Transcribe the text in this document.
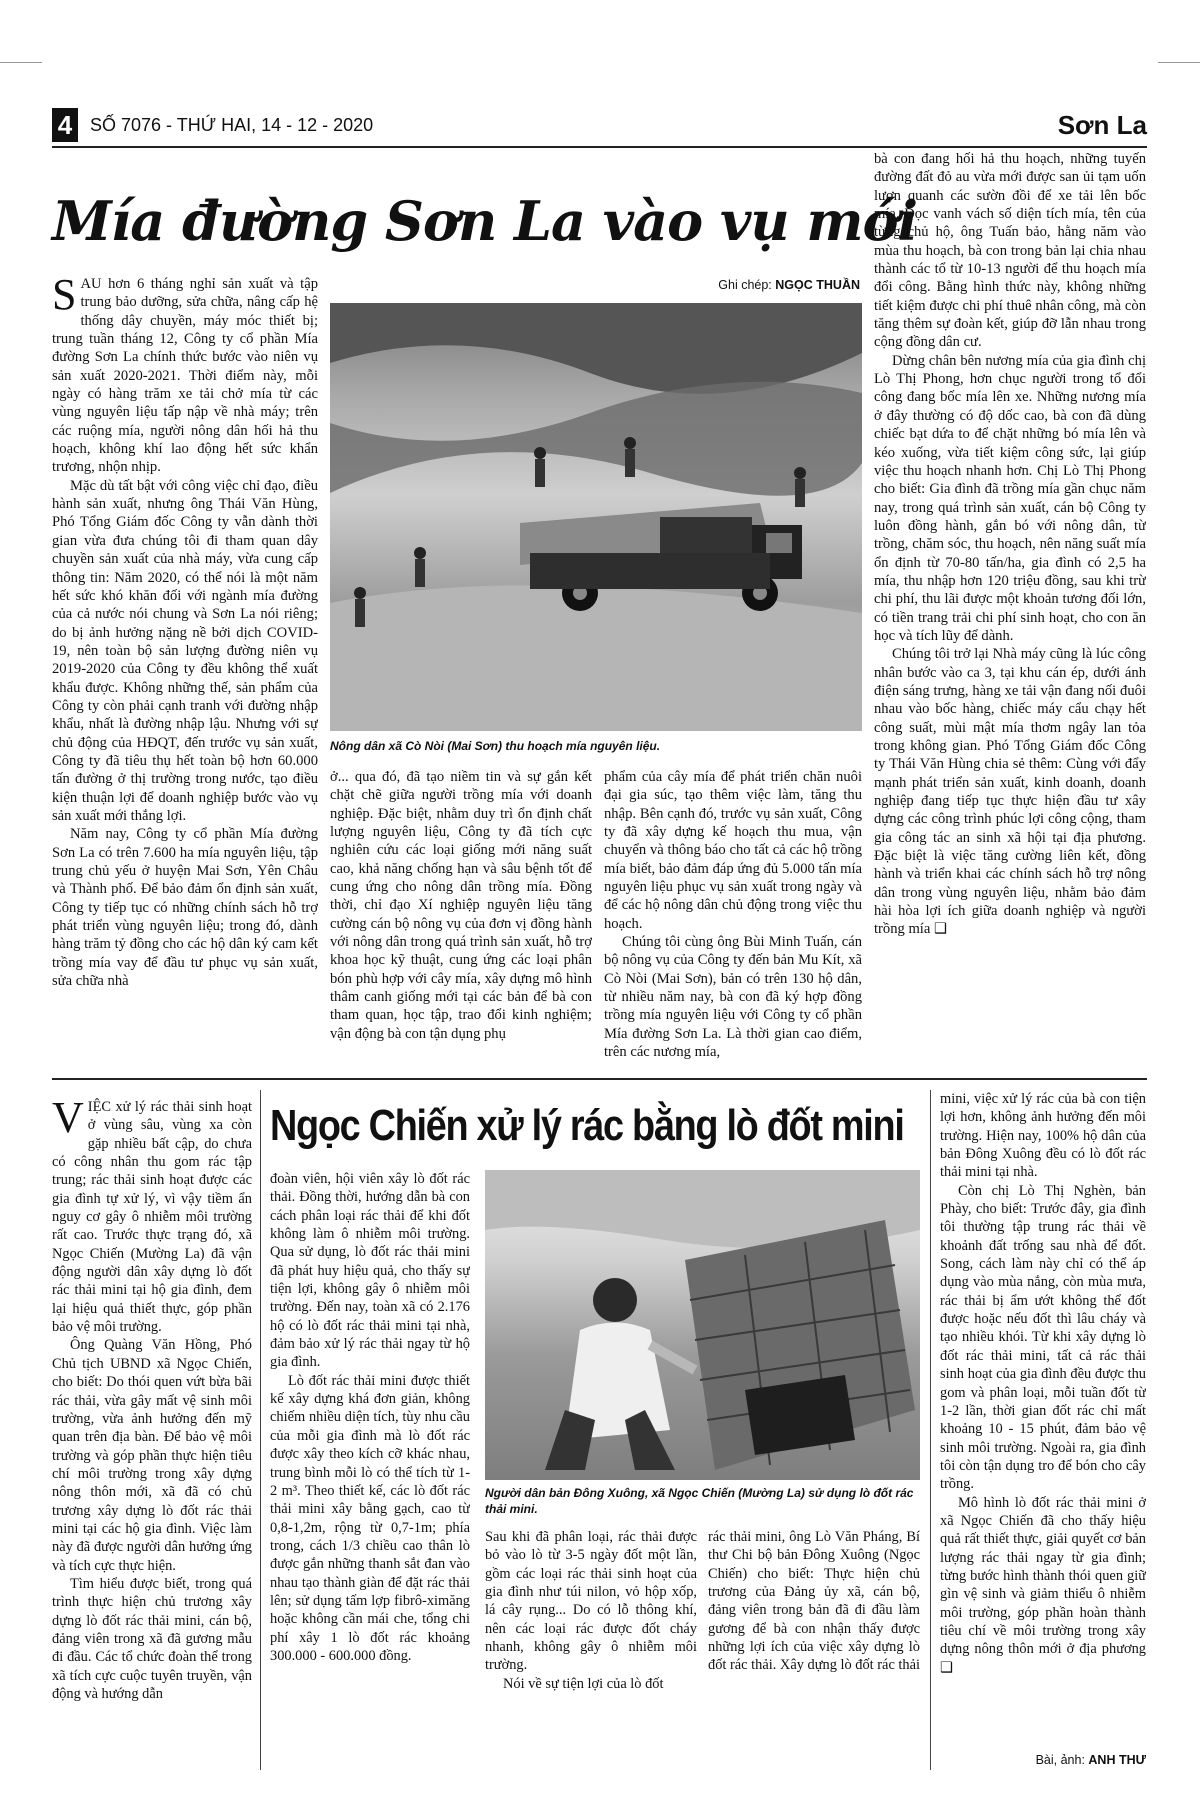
4 SỐ 7076 - THỨ HAI, 14 - 12 - 2020	Sơn La
Mía đường Sơn La vào vụ mới
Ghi chép: NGỌC THUẦN

SAU hơn 6 tháng nghỉ sản xuất và tập trung bảo dưỡng, sửa chữa, nâng cấp hệ thống dây chuyền, máy móc thiết bị; trung tuần tháng 12, Công ty cổ phần Mía đường Sơn La chính thức bước vào niên vụ sản xuất 2020-2021. Thời điểm này, mỗi ngày có hàng trăm xe tải chở mía từ các vùng nguyên liệu tấp nập về nhà máy; trên các ruộng mía, người nông dân hối hả thu hoạch, không khí lao động hết sức khẩn trương, nhộn nhịp.

Mặc dù tất bật với công việc chỉ đạo, điều hành sản xuất, nhưng ông Thái Văn Hùng, Phó Tổng Giám đốc Công ty vẫn dành thời gian vừa đưa chúng tôi đi tham quan dây chuyền sản xuất của nhà máy, vừa cung cấp thông tin: Năm 2020, có thể nói là một năm hết sức khó khăn đối với ngành mía đường của cả nước nói chung và Sơn La nói riêng; do bị ảnh hưởng nặng nề bởi dịch COVID-19, nên toàn bộ sản lượng đường niên vụ 2019-2020 của Công ty đều không thể xuất khẩu được. Không những thế, sản phẩm của Công ty còn phải cạnh tranh với đường nhập khẩu, nhất là đường nhập lậu. Nhưng với sự chủ động của HĐQT, đến trước vụ sản xuất, Công ty đã tiêu thụ hết toàn bộ hơn 60.000 tấn đường ở thị trường trong nước, tạo điều kiện thuận lợi để doanh nghiệp bước vào vụ sản xuất mới thắng lợi.

Năm nay, Công ty cổ phần Mía đường Sơn La có trên 7.600 ha mía nguyên liệu, tập trung chủ yếu ở huyện Mai Sơn, Yên Châu và Thành phố. Để bảo đảm ổn định sản xuất, Công ty tiếp tục có những chính sách hỗ trợ phát triển vùng nguyên liệu; trong đó, dành hàng trăm tỷ đồng cho các hộ dân ký cam kết trồng mía vay để đầu tư phục vụ sản xuất, sửa chữa nhà

Nông dân xã Cò Nòi (Mai Sơn) thu hoạch mía nguyên liệu.

ở... qua đó, đã tạo niềm tin và sự gắn kết chặt chẽ giữa người trồng mía với doanh nghiệp. Đặc biệt, nhằm duy trì ổn định chất lượng nguyên liệu, Công ty đã tích cực nghiên cứu các loại giống mới năng suất cao, khả năng chống hạn và sâu bệnh tốt để cung ứng cho nông dân trồng mía. Đồng thời, chỉ đạo Xí nghiệp nguyên liệu tăng cường cán bộ nông vụ của đơn vị đồng hành với nông dân trong quá trình sản xuất, hỗ trợ khoa học kỹ thuật, cung ứng các loại phân bón phù hợp với cây mía, xây dựng mô hình thâm canh giống mới tại các bản để bà con tham quan, học tập, trao đổi kinh nghiệm; vận động bà con tận dụng phụ

phẩm của cây mía để phát triển chăn nuôi đại gia súc, tạo thêm việc làm, tăng thu nhập. Bên cạnh đó, trước vụ sản xuất, Công ty đã xây dựng kế hoạch thu mua, vận chuyển và thông báo cho tất cả các hộ trồng mía biết, bảo đảm đáp ứng đủ 5.000 tấn mía nguyên liệu phục vụ sản xuất trong ngày và để các hộ nông dân chủ động trong việc thu hoạch.

Chúng tôi cùng ông Bùi Minh Tuấn, cán bộ nông vụ của Công ty đến bản Mu Kít, xã Cò Nòi (Mai Sơn), bản có trên 130 hộ dân, từ nhiều năm nay, bà con đã ký hợp đồng trồng mía nguyên liệu với Công ty cổ phần Mía đường Sơn La. Là thời gian cao điểm, trên các nương mía,

bà con đang hối hả thu hoạch, những tuyến đường đất đỏ au vừa mới được san ủi tạm uốn lượn quanh các sườn đồi để xe tải lên bốc mía. Đọc vanh vách số diện tích mía, tên của từng chủ hộ, ông Tuấn bảo, hằng năm vào mùa thu hoạch, bà con trong bản lại chia nhau thành các tổ từ 10-13 người để thu hoạch mía đổi công. Bằng hình thức này, không những tiết kiệm được chi phí thuê nhân công, mà còn tăng thêm sự đoàn kết, giúp đỡ lẫn nhau trong cộng đồng dân cư.

Dừng chân bên nương mía của gia đình chị Lò Thị Phong, hơn chục người trong tổ đổi công đang bốc mía lên xe. Những nương mía ở đây thường có độ dốc cao, bà con đã dùng chiếc bạt dứa to để chặt những bó mía lên và kéo xuống, vừa tiết kiệm công sức, lại giúp việc thu hoạch nhanh hơn. Chị Lò Thị Phong cho biết: Gia đình đã trồng mía gần chục năm nay, trong quá trình sản xuất, cán bộ Công ty luôn đồng hành, gắn bó với nông dân, từ trồng, chăm sóc, thu hoạch, nên năng suất mía ổn định từ 70-80 tấn/ha, gia đình có 2,5 ha mía, thu nhập hơn 120 triệu đồng, sau khi trừ chi phí, thu lãi được một khoản tương đối lớn, có tiền trang trải chi phí sinh hoạt, cho con ăn học và tích lũy để dành.

Chúng tôi trở lại Nhà máy cũng là lúc công nhân bước vào ca 3, tại khu cán ép, dưới ánh điện sáng trưng, hàng xe tải vận đang nối đuôi nhau vào bốc hàng, chiếc máy cẩu chạy hết công suất, mùi mật mía thơm ngây lan tỏa trong không gian. Phó Tổng Giám đốc Công ty Thái Văn Hùng chia sẻ thêm: Cùng với đẩy mạnh phát triển sản xuất, kinh doanh, doanh nghiệp đang tiếp tục thực hiện đầu tư xây dựng các công trình phúc lợi công cộng, tham gia công tác an sinh xã hội tại địa phương. Đặc biệt là việc tăng cường liên kết, đồng hành và triển khai các chính sách hỗ trợ nông dân trong vùng nguyên liệu, nhằm bảo đảm hài hòa lợi ích giữa doanh nghiệp và người trồng mía ❑

Ngọc Chiến xử lý rác bằng lò đốt mini

VIỆC xử lý rác thải sinh hoạt ở vùng sâu, vùng xa còn gặp nhiều bất cập, do chưa có công nhân thu gom rác tập trung; rác thải sinh hoạt được các gia đình tự xử lý, vì vậy tiềm ẩn nguy cơ gây ô nhiễm môi trường rất cao. Trước thực trạng đó, xã Ngọc Chiến (Mường La) đã vận động người dân xây dựng lò đốt rác thải mini tại hộ gia đình, đem lại hiệu quả thiết thực, góp phần bảo vệ môi trường.

Ông Quàng Văn Hồng, Phó Chủ tịch UBND xã Ngọc Chiến, cho biết: Do thói quen vứt bừa bãi rác thải, vừa gây mất vệ sinh môi trường, vừa ảnh hưởng đến mỹ quan trên địa bàn. Để bảo vệ môi trường và góp phần thực hiện tiêu chí môi trường trong xây dựng nông thôn mới, xã đã có chủ trương xây dựng lò đốt rác thải mini tại các hộ gia đình. Việc làm này đã được người dân hưởng ứng và tích cực thực hiện.

Tìm hiểu được biết, trong quá trình thực hiện chủ trương xây dựng lò đốt rác thải mini, cán bộ, đảng viên trong xã đã gương mẫu đi đầu. Các tổ chức đoàn thể trong xã tích cực cuộc tuyên truyền, vận động và hướng dẫn

đoàn viên, hội viên xây lò đốt rác thải. Đồng thời, hướng dẫn bà con cách phân loại rác thải để khi đốt không làm ô nhiễm môi trường. Qua sử dụng, lò đốt rác thải mini đã phát huy hiệu quả, cho thấy sự tiện lợi, không gây ô nhiễm môi trường. Đến nay, toàn xã có 2.176 hộ có lò đốt rác thải mini tại nhà, đảm bảo xử lý rác thải ngay từ hộ gia đình.

Lò đốt rác thải mini được thiết kế xây dựng khá đơn giản, không chiếm nhiều diện tích, tùy nhu cầu của mỗi gia đình mà lò đốt rác được xây theo kích cỡ khác nhau, trung bình mỗi lò có thể tích từ 1-2 m³. Theo thiết kế, các lò đốt rác thải mini xây bằng gạch, cao từ 0,8-1,2m, rộng từ 0,7-1m; phía trong, cách 1/3 chiều cao thân lò được gắn những thanh sắt đan vào nhau tạo thành giàn để đặt rác thải lên; sử dụng tấm lợp fibrô-ximăng hoặc không cần mái che, tổng chi phí xây 1 lò đốt rác khoảng 300.000 - 600.000 đồng.

Người dân bản Đông Xuông, xã Ngọc Chiến (Mường La) sử dụng lò đốt rác thải mini.

Sau khi đã phân loại, rác thải được bỏ vào lò từ 3-5 ngày đốt một lần, gồm các loại rác thải sinh hoạt của gia đình như túi nilon, vỏ hộp xốp, lá cây rụng... Do có lỗ thông khí, nên các loại rác được đốt cháy nhanh, không gây ô nhiễm môi trường.

Nói về sự tiện lợi của lò đốt

rác thải mini, ông Lò Văn Pháng, Bí thư Chi bộ bản Đông Xuông (Ngọc Chiến) cho biết: Thực hiện chủ trương của Đảng ủy xã, cán bộ, đảng viên trong bản đã đi đầu làm gương để bà con nhận thấy được những lợi ích của việc xây dựng lò đốt rác thải. Xây dựng lò đốt rác thải

mini, việc xử lý rác của bà con tiện lợi hơn, không ảnh hưởng đến môi trường. Hiện nay, 100% hộ dân của bản Đông Xuông đều có lò đốt rác thải mini tại nhà.

Còn chị Lò Thị Nghèn, bản Phày, cho biết: Trước đây, gia đình tôi thường tập trung rác thải về khoảnh đất trống sau nhà để đốt. Song, cách làm này chỉ có thể áp dụng vào mùa nắng, còn mùa mưa, rác thải bị ẩm ướt không thể đốt được hoặc nếu đốt thì lâu cháy và tạo nhiều khói. Từ khi xây dựng lò đốt rác thải mini, tất cả rác thải sinh hoạt của gia đình đều được thu gom và phân loại, mỗi tuần đốt từ 1-2 lần, thời gian đốt rác chỉ mất khoảng 10 - 15 phút, đảm bảo vệ sinh môi trường. Ngoài ra, gia đình tôi còn tận dụng tro để bón cho cây trồng.

Mô hình lò đốt rác thải mini ở xã Ngọc Chiến đã cho thấy hiệu quả rất thiết thực, giải quyết cơ bản lượng rác thải ngay từ gia đình; từng bước hình thành thói quen giữ gìn vệ sinh và giảm thiểu ô nhiễm môi trường, góp phần hoàn thành tiêu chí về môi trường trong xây dựng nông thôn mới ở địa phương ❑

Bài, ảnh: ANH THƯ
